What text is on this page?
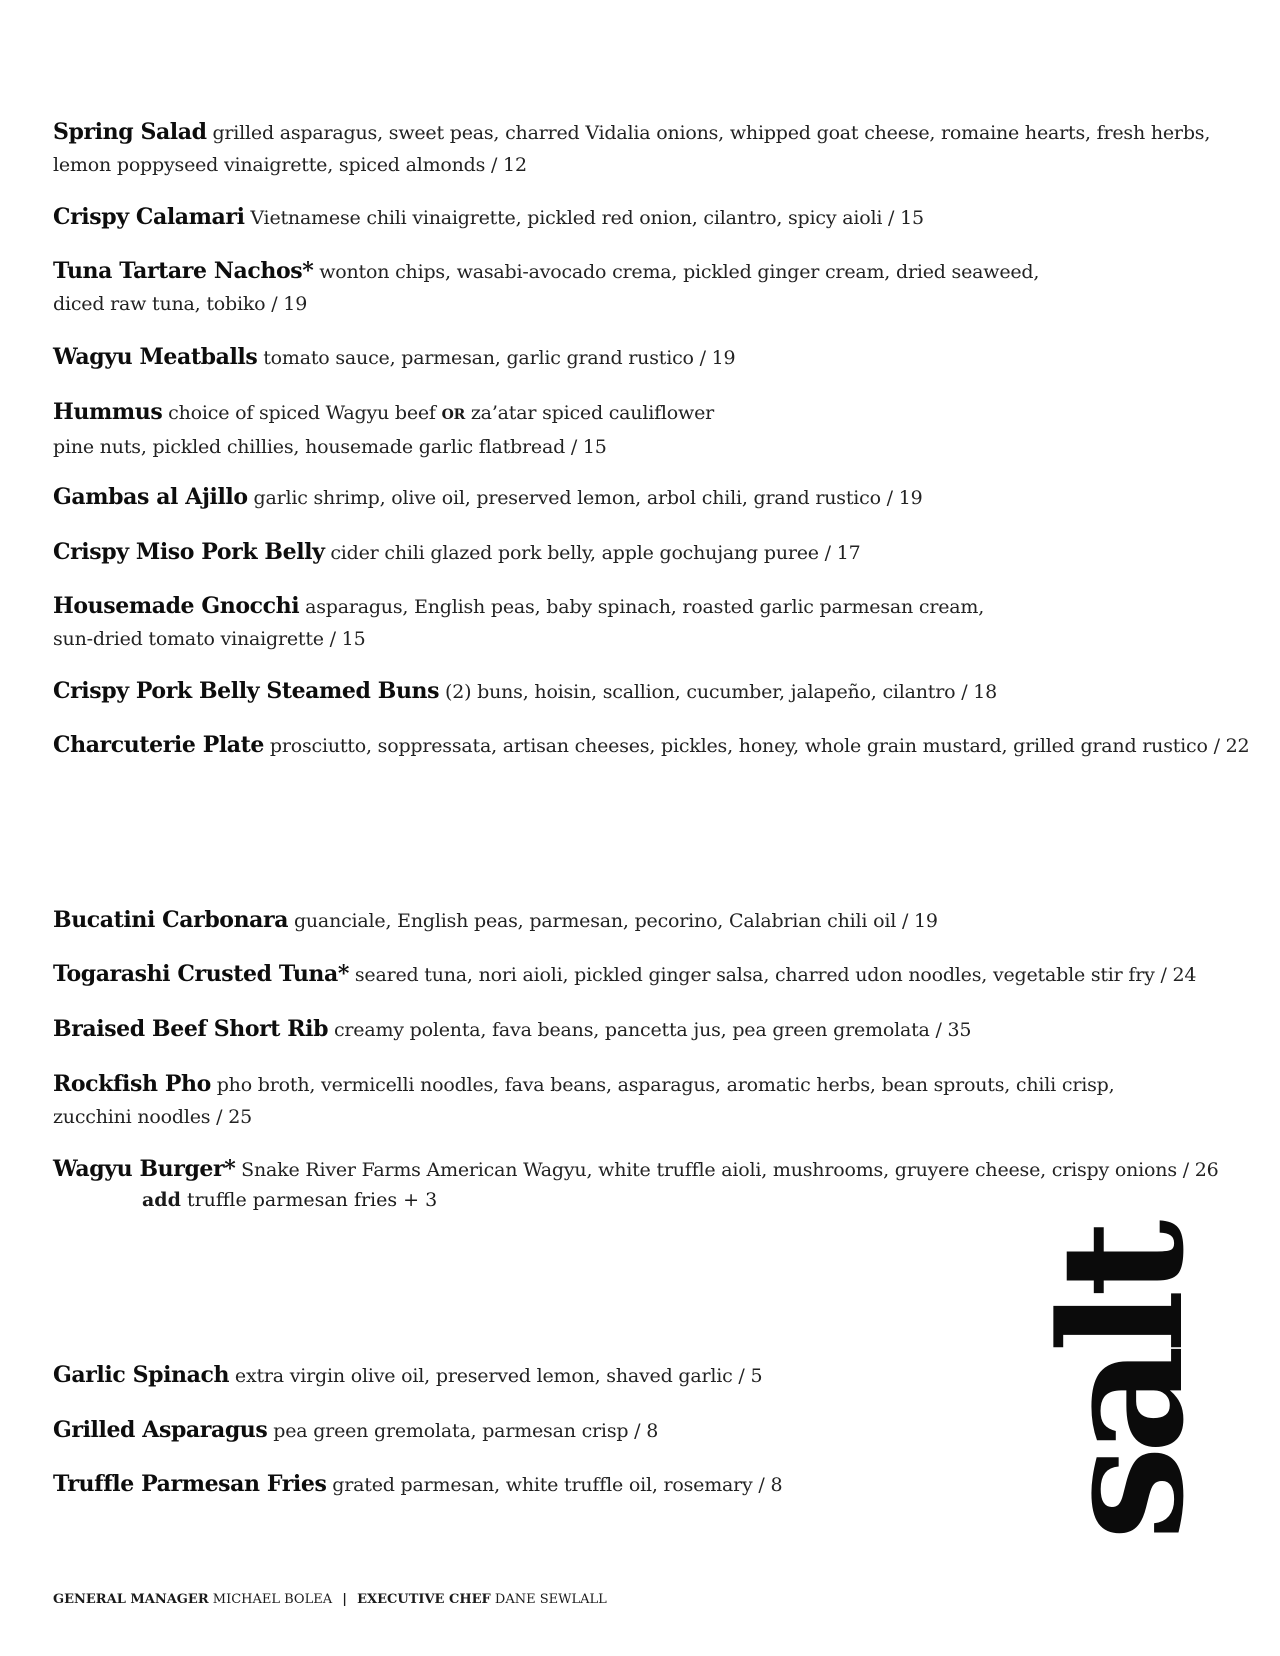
Spring Salad grilled asparagus, sweet peas, charred Vidalia onions, whipped goat cheese, romaine hearts, fresh herbs,
lemon poppyseed vinaigrette, spiced almonds / 12
Crispy Calamari Vietnamese chili vinaigrette, pickled red onion, cilantro, spicy aioli / 15
Tuna Tartare Nachos* wonton chips, wasabi-avocado crema, pickled ginger cream, dried seaweed,
diced raw tuna, tobiko / 19
Wagyu Meatballs tomato sauce, parmesan, garlic grand rustico / 19
Hummus choice of spiced Wagyu beef OR za’atar spiced cauliflower
pine nuts, pickled chillies, housemade garlic flatbread / 15
Gambas al Ajillo garlic shrimp, olive oil, preserved lemon, arbol chili, grand rustico / 19
Crispy Miso Pork Belly cider chili glazed pork belly, apple gochujang puree / 17
Housemade Gnocchi asparagus, English peas, baby spinach, roasted garlic parmesan cream,
sun-dried tomato vinaigrette / 15
Crispy Pork Belly Steamed Buns (2) buns, hoisin, scallion, cucumber, jalapeño, cilantro / 18
Charcuterie Plate prosciutto, soppressata, artisan cheeses, pickles, honey, whole grain mustard, grilled grand rustico / 22
Bucatini Carbonara guanciale, English peas, parmesan, pecorino, Calabrian chili oil / 19
Togarashi Crusted Tuna* seared tuna, nori aioli, pickled ginger salsa, charred udon noodles, vegetable stir fry / 24
Braised Beef Short Rib creamy polenta, fava beans, pancetta jus, pea green gremolata / 35
Rockfish Pho pho broth, vermicelli noodles, fava beans, asparagus, aromatic herbs, bean sprouts, chili crisp,
zucchini noodles / 25
Wagyu Burger* Snake River Farms American Wagyu, white truffle aioli, mushrooms, gruyere cheese, crispy onions / 26
add truffle parmesan fries + 3
Garlic Spinach extra virgin olive oil, preserved lemon, shaved garlic / 5
Grilled Asparagus pea green gremolata, parmesan crisp / 8
Truffle Parmesan Fries grated parmesan, white truffle oil, rosemary / 8 salt
GENERAL MANAGER MICHAEL BOLEA | EXECUTIVE CHEF DANE SEWLALL
